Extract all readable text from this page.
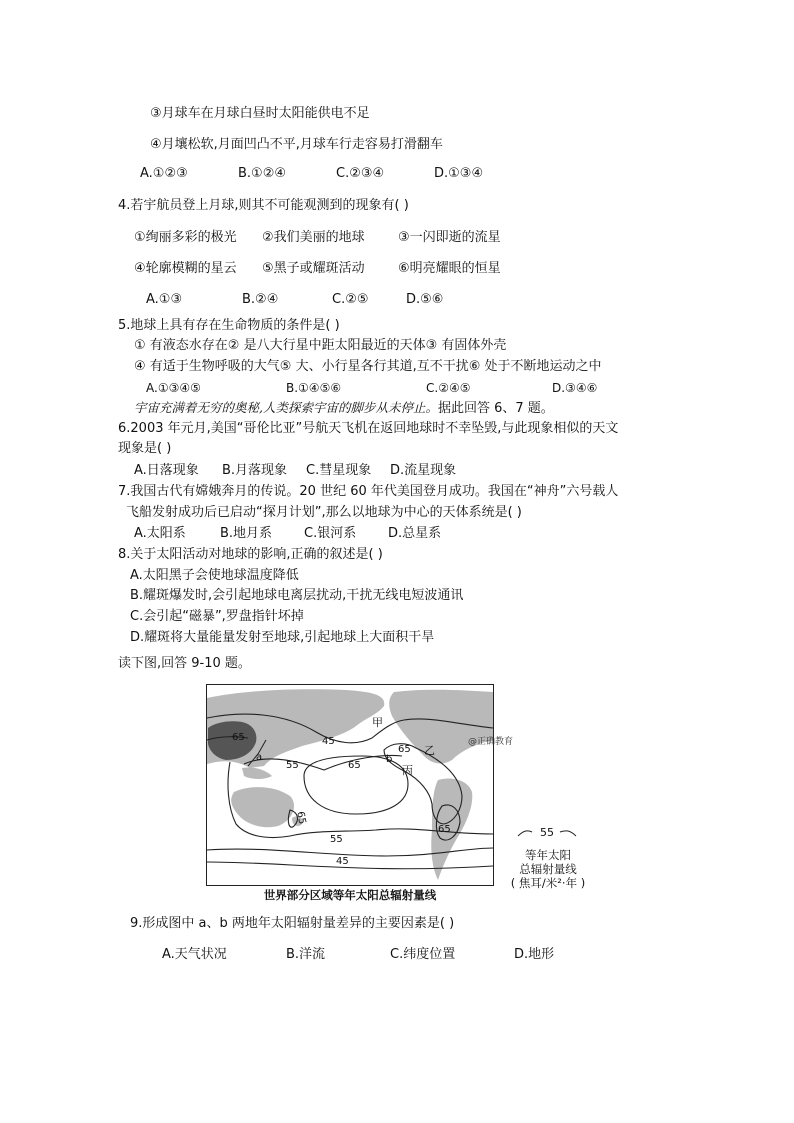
③月球车在月球白昼时太阳能供电不足
④月壤松软,月面凹凸不平,月球车行走容易打滑翻车
A.①②③	B.①②④	C.②③④	D.①③④
4.若宇航员登上月球,则其不可能观测到的现象有( )
①绚丽多彩的极光 ②我们美丽的地球	③一闪即逝的流星
④轮廓模糊的星云 ⑤黑子或耀斑活动	⑥明亮耀眼的恒星
A.①③	B.②④	C.②⑤	D.⑤⑥
5.地球上具有存在生命物质的条件是( )
① 有液态水存在② 是八大行星中距太阳最近的天体③ 有固体外壳
④ 有适于生物呼吸的大气⑤ 大、小行星各行其道,互不干扰⑥ 处于不断地运动之中
A.①③④⑤	B.①④⑤⑥	C.②④⑤	D.③④⑥
宇宙充满着无穷的奥秘,人类探索宇宙的脚步从未停止。据此回答 6、7 题。
6.2003 年元月,美国“哥伦比亚”号航天飞机在返回地球时不幸坠毁,与此现象相似的天文
现象是( )
A.日落现象 B.月落现象 C.彗星现象 D.流星现象
7.我国古代有嫦娥奔月的传说。20 世纪 60 年代美国登月成功。我国在“神舟”六号载人
飞船发射成功后已启动“探月计划”,那么以地球为中心的天体系统是( )
A.太阳系	B.地月系 C.银河系 D.总星系
8.关于太阳活动对地球的影响,正确的叙述是( )
A.太阳黑子会使地球温度降低
B.耀斑爆发时,会引起地球电离层扰动,干扰无线电短波通讯
C.会引起“磁暴”,罗盘指针坏掉
D.耀斑将大量能量发射至地球,引起地球上大面积干旱
读下图,回答 9-10 题。
甲
乙
丙
a	b
65	45
55	65
65
65
55
45
65
@正确教育
55
等年太阳
总辐射量线
( 焦耳/米²·年 )
世界部分区域等年太阳总辐射量线
9.形成图中 a、b 两地年太阳辐射量差异的主要因素是( )
A.天气状况	B.洋流	C.纬度位置	D.地形
